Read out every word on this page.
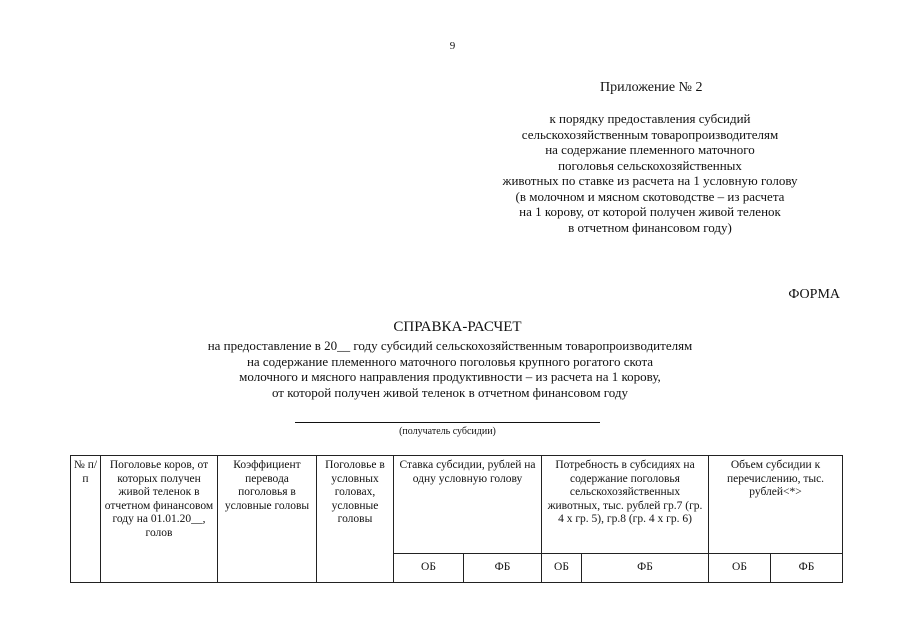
9
Приложение № 2
к порядку предоставления субсидий
сельскохозяйственным товаропроизводителям
на содержание племенного маточного
поголовья сельскохозяйственных
животных по ставке из расчета на 1 условную голову
(в молочном и мясном скотоводстве – из расчета
на 1 корову, от которой получен живой теленок
в отчетном финансовом году)
ФОРМА
СПРАВКА-РАСЧЕТ
на предоставление в 20__ году субсидий сельскохозяйственным товаропроизводителям
на содержание племенного маточного поголовья крупного рогатого скота
молочного и мясного направления продуктивности – из расчета на 1 корову,
от которой получен живой теленок в отчетном финансовом году
(получатель субсидии)
№ п/п	Поголовье коров, от которых получен живой теленок в отчетном финансовом году на 01.01.20__, голов	Коэффициент перевода поголовья в условные головы	Поголовье в условных головах, условные головы	Ставка субсидии, рублей на одну условную голову		Потребность в субсидиях на содержание поголовья сельскохозяйственных животных, тыс. рублей гр.7 (гр. 4 х гр. 5), гр.8 (гр. 4 х гр. 6)		Объем субсидии к перечислению, тыс. рублей<*>	
				ОБ	ФБ	ОБ	ФБ	ОБ	ФБ
